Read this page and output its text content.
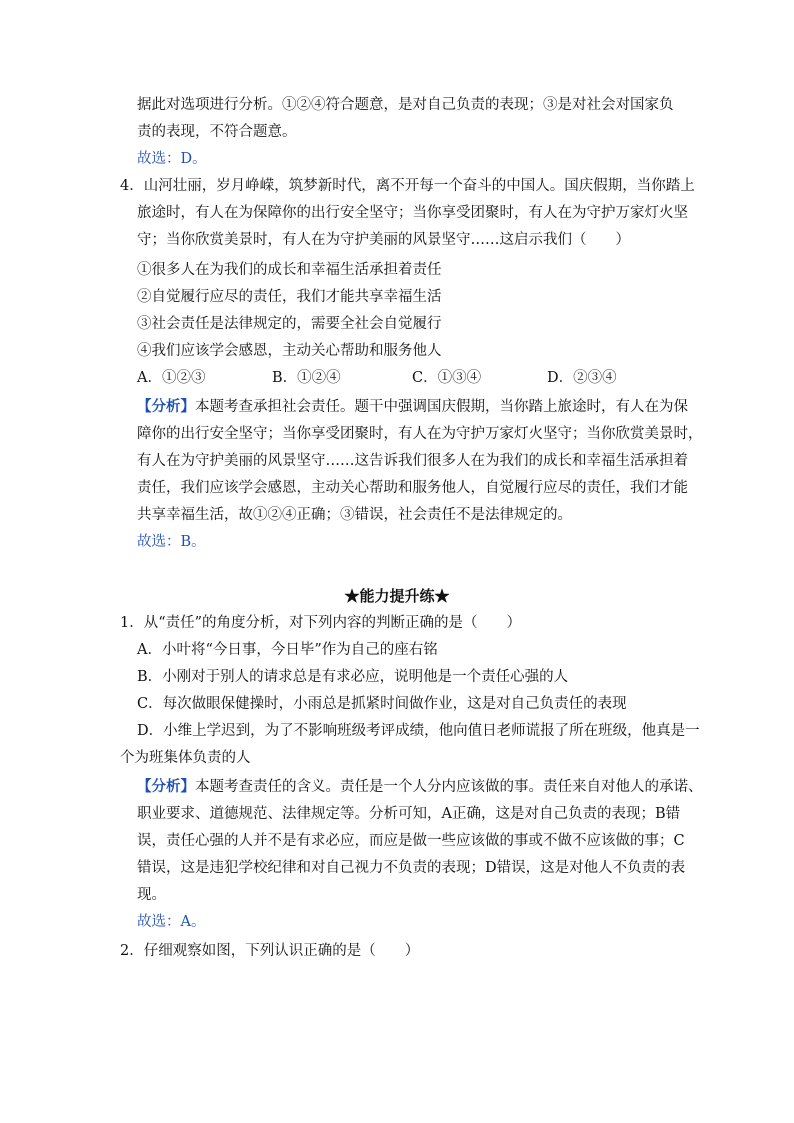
据此对选项进行分析。①②④符合题意，是对自己负责的表现；③是对社会对国家负
责的表现，不符合题意。
故选：D。
4．山河壮丽，岁月峥嵘，筑梦新时代，离不开每一个奋斗的中国人。国庆假期，当你踏上
旅途时，有人在为保障你的出行安全坚守；当你享受团聚时，有人在为守护万家灯火坚
守；当你欣赏美景时，有人在为守护美丽的风景坚守……这启示我们（　　）
①很多人在为我们的成长和幸福生活承担着责任
②自觉履行应尽的责任，我们才能共享幸福生活
③社会责任是法律规定的，需要全社会自觉履行
④我们应该学会感恩，主动关心帮助和服务他人
A．①②③	B．①②④	C．①③④	D．②③④
【分析】本题考查承担社会责任。题干中强调国庆假期，当你踏上旅途时，有人在为保
障你的出行安全坚守；当你享受团聚时，有人在为守护万家灯火坚守；当你欣赏美景时，
有人在为守护美丽的风景坚守……这告诉我们很多人在为我们的成长和幸福生活承担着
责任，我们应该学会感恩，主动关心帮助和服务他人，自觉履行应尽的责任，我们才能
共享幸福生活，故①②④正确；③错误，社会责任不是法律规定的。
故选：B。
★能力提升练★
1．从“责任”的角度分析，对下列内容的判断正确的是（　　）
A．小叶将“今日事，今日毕”作为自己的座右铭
B．小刚对于别人的请求总是有求必应，说明他是一个责任心强的人
C．每次做眼保健操时，小雨总是抓紧时间做作业，这是对自己负责任的表现
D．小维上学迟到，为了不影响班级考评成绩，他向值日老师谎报了所在班级，他真是一
个为班集体负责的人
【分析】本题考查责任的含义。责任是一个人分内应该做的事。责任来自对他人的承诺、
职业要求、道德规范、法律规定等。分析可知，A正确，这是对自己负责的表现；B错
误，责任心强的人并不是有求必应，而应是做一些应该做的事或不做不应该做的事；C
错误，这是违犯学校纪律和对自己视力不负责的表现；D错误，这是对他人不负责的表
现。
故选：A。
2．仔细观察如图，下列认识正确的是（　　）
